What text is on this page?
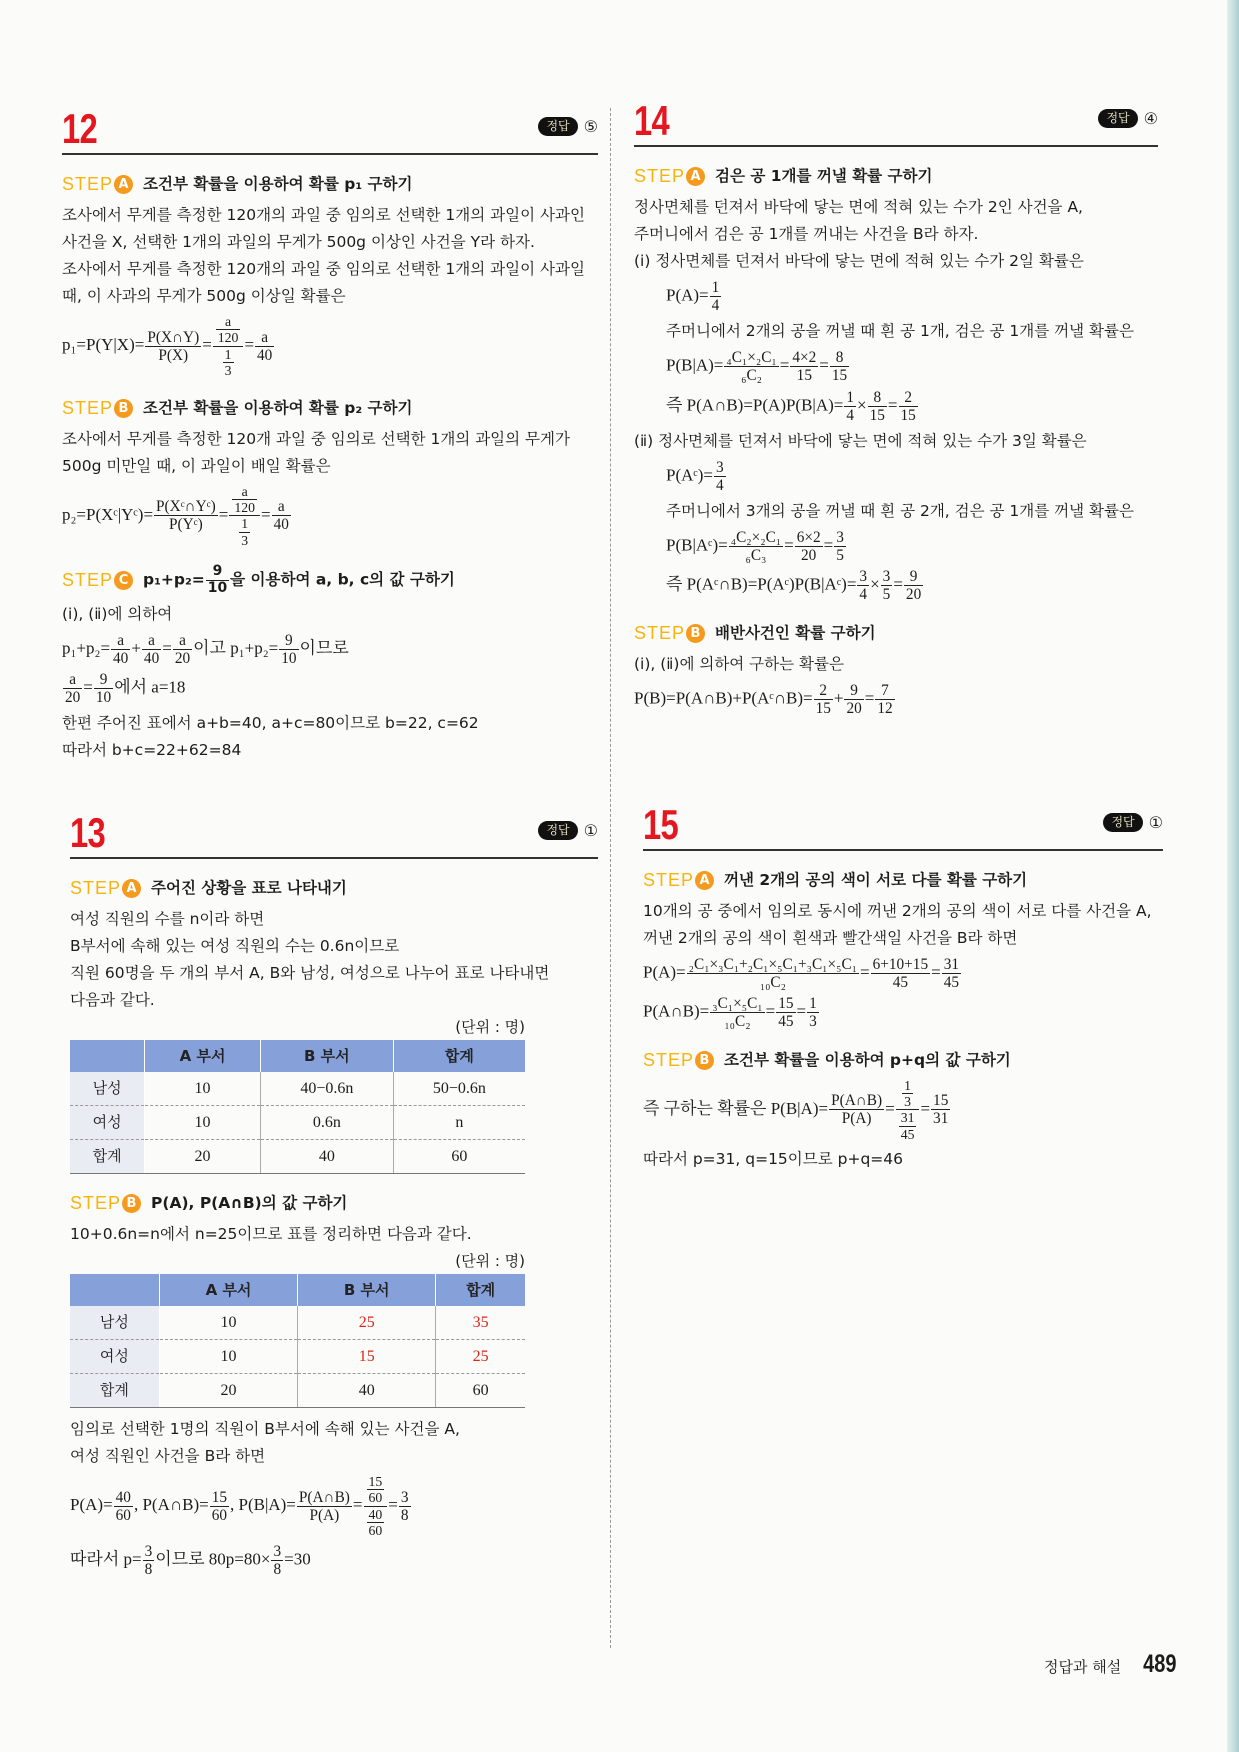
12	정답 ⑤
STEP A 조건부 확률을 이용하여 확률 p₁ 구하기
조사에서 무게를 측정한 120개의 과일 중 임의로 선택한 1개의 과일이 사과인
사건을 X, 선택한 1개의 과일의 무게가 500g 이상인 사건을 Y라 하자.
조사에서 무게를 측정한 120개의 과일 중 임의로 선택한 1개의 과일이 사과일
때, 이 사과의 무게가 500g 이상일 확률은
$p_1=P(Y|X)= \frac{P(X\cap Y)}{P(X)} = \frac{\frac{a}{120}}{\frac{1}{3}} = \frac{a}{40}$
STEP B 조건부 확률을 이용하여 확률 p₂ 구하기
조사에서 무게를 측정한 120개 과일 중 임의로 선택한 1개의 과일의 무게가
500g 미만일 때, 이 과일이 배일 확률은
p₂=P(Xᶜ|Yᶜ)= $\frac{\text{P(Xᶜ∩Yᶜ)}}{\text{P(Yᶜ)}} = \frac{\frac{a}{120}}{\frac{1}{3}} = \frac{a}{40}$
STEP C $p_1+p_2= \frac{9}{10}$ 을 이용하여 a, b, c의 값 구하기
(ⅰ), (ⅱ)에 의하여
$p_1+p_2= \frac{a}{40} + \frac{a}{40} = \frac{a}{20}$ 이고 $p_1+p_2= \frac{9}{10}$ 이므로
$\frac{a}{20} = \frac{9}{10}$ 에서 a=18
한편 주어진 표에서 a+b=40, a+c=80이므로 b=22, c=62
따라서 b+c=22+62=84
13	정답 ①
STEP A 주어진 상황을 표로 나타내기
여성 직원의 수를 n이라 하면
B부서에 속해 있는 여성 직원의 수는 0.6n이므로
직원 60명을 두 개의 부서 A, B와 남성, 여성으로 나누어 표로 나타내면
다음과 같다.
(단위 : 명)
	A 부서	B 부서	합계
남성	10	40−0.6n	50−0.6n
여성	10	0.6n	n
합계	20	40	60
STEP B P(A), P(A∩B)의 값 구하기
10+0.6n=n에서 n=25이므로 표를 정리하면 다음과 같다.
(단위 : 명)
	A 부서	B 부서	합계
남성	10	25	35
여성	10	15	25
합계	20	40	60
임의로 선택한 1명의 직원이 B부서에 속해 있는 사건을 A,
여성 직원인 사건을 B라 하면
$P(A)= \frac{40}{60}$ , P(A∩B)= $\frac{15}{60}$ , $P(B|A)= \frac{P(A\cap B)}{P(A)} = \frac{\frac{15}{60}}{\frac{40}{60}} = \frac{3}{8}$
따라서 $p= \frac{3}{8}$ 이므로 $80p=80\times \frac{3}{8} =30$
14	정답 ④
STEP A 검은 공 1개를 꺼낼 확률 구하기
정사면체를 던져서 바닥에 닿는 면에 적혀 있는 수가 2인 사건을 A,
주머니에서 검은 공 1개를 꺼내는 사건을 B라 하자.
(ⅰ) 정사면체를 던져서 바닥에 닿는 면에 적혀 있는 수가 2일 확률은
$P(A)= \frac{1}{4}$
주머니에서 2개의 공을 꺼낼 때 흰 공 1개, 검은 공 1개를 꺼낼 확률은
$P(B|A)= \frac{\text{₄C₁×₂C₁}}{\text{₆C₂}} = \frac{4\times 2}{15} = \frac{8}{15}$
즉 P(A∩B)=P(A)P(B|A)= $\frac{1}{4} \times \frac{8}{15} = \frac{2}{15}$
(ⅱ) 정사면체를 던져서 바닥에 닿는 면에 적혀 있는 수가 3일 확률은
P(Aᶜ)= $\frac{3}{4}$
주머니에서 3개의 공을 꺼낼 때 흰 공 2개, 검은 공 1개를 꺼낼 확률은
P(B|Aᶜ)= $\frac{\text{₄C₂×₂C₁}}{\text{₆C₃}} = \frac{6\times 2}{20} = \frac{3}{5}$
즉 P(Aᶜ∩B)=P(Aᶜ)P(B|Aᶜ)= $\frac{3}{4} \times \frac{3}{5} = \frac{9}{20}$
STEP B 배반사건인 확률 구하기
(ⅰ), (ⅱ)에 의하여 구하는 확률은
P(B)=P(A∩B)+P(Aᶜ∩B)= $\frac{2}{15} + \frac{9}{20} = \frac{7}{12}$
15	정답 ①
STEP A 꺼낸 2개의 공의 색이 서로 다를 확률 구하기
10개의 공 중에서 임의로 동시에 꺼낸 2개의 공의 색이 서로 다를 사건을 A,
꺼낸 2개의 공의 색이 흰색과 빨간색일 사건을 B라 하면
$P(A)= \frac{\text{₂C₁×₃C₁+₂C₁×₅C₁+₃C₁×₅C₁}}{\text{₁₀C₂}} = \frac{6+10+15}{45} = \frac{31}{45}$
P(A∩B)= $\frac{\text{₃C₁×₅C₁}}{\text{₁₀C₂}} = \frac{15}{45} = \frac{1}{3}$
STEP B 조건부 확률을 이용하여 p+q의 값 구하기
즉 구하는 확률은 $P(B|A)= \frac{P(A\cap B)}{P(A)} = \frac{\frac{1}{3}}{\frac{31}{45}} = \frac{15}{31}$
따라서 p=31, q=15이므로 p+q=46
정답과 해설 489
